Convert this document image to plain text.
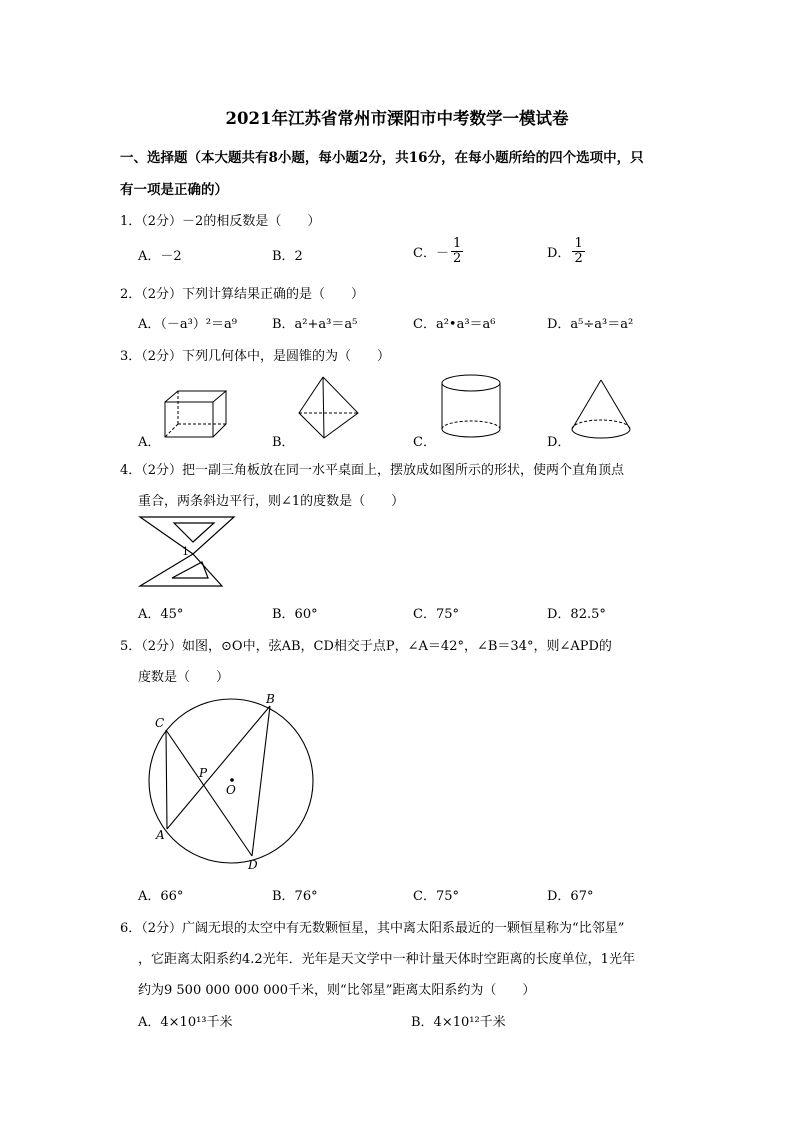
2021年江苏省常州市溧阳市中考数学一模试卷
一、选择题（本大题共有8小题，每小题2分，共16分，在每小题所给的四个选项中，只
有一项是正确的）
1．（2分）－2的相反数是（　　）
A．－2	B．2	C．－ $\frac{1}{2}$	D． $\frac{1}{2}$
2．（2分）下列计算结果正确的是（　　）
A．（－a³）²＝a⁹	B．a²+a³＝a⁵	C．a²•a³＝a⁶	D．a⁵÷a³＝a²
3．（2分）下列几何体中，是圆锥的为（　　）
A．	B．	C．	D．
4．（2分）把一副三角板放在同一水平桌面上，摆放成如图所示的形状，使两个直角顶点
重合，两条斜边平行，则∠1的度数是（　　）
1
A．45°	B．60°	C．75°	D．82.5°
5．（2分）如图，⊙O中，弦AB，CD相交于点P，∠A＝42°，∠B＝34°，则∠APD的
度数是（　　）
B
C
P
O
A
D
A．66°	B．76°	C．75°	D．67°
6．（2分）广阔无垠的太空中有无数颗恒星，其中离太阳系最近的一颗恒星称为“比邻星”
，它距离太阳系约4.2光年．光年是天文学中一种计量天体时空距离的长度单位，1光年
约为9 500 000 000 000千米，则“比邻星”距离太阳系约为（　　）
A．4×10¹³千米	B．4×10¹²千米
